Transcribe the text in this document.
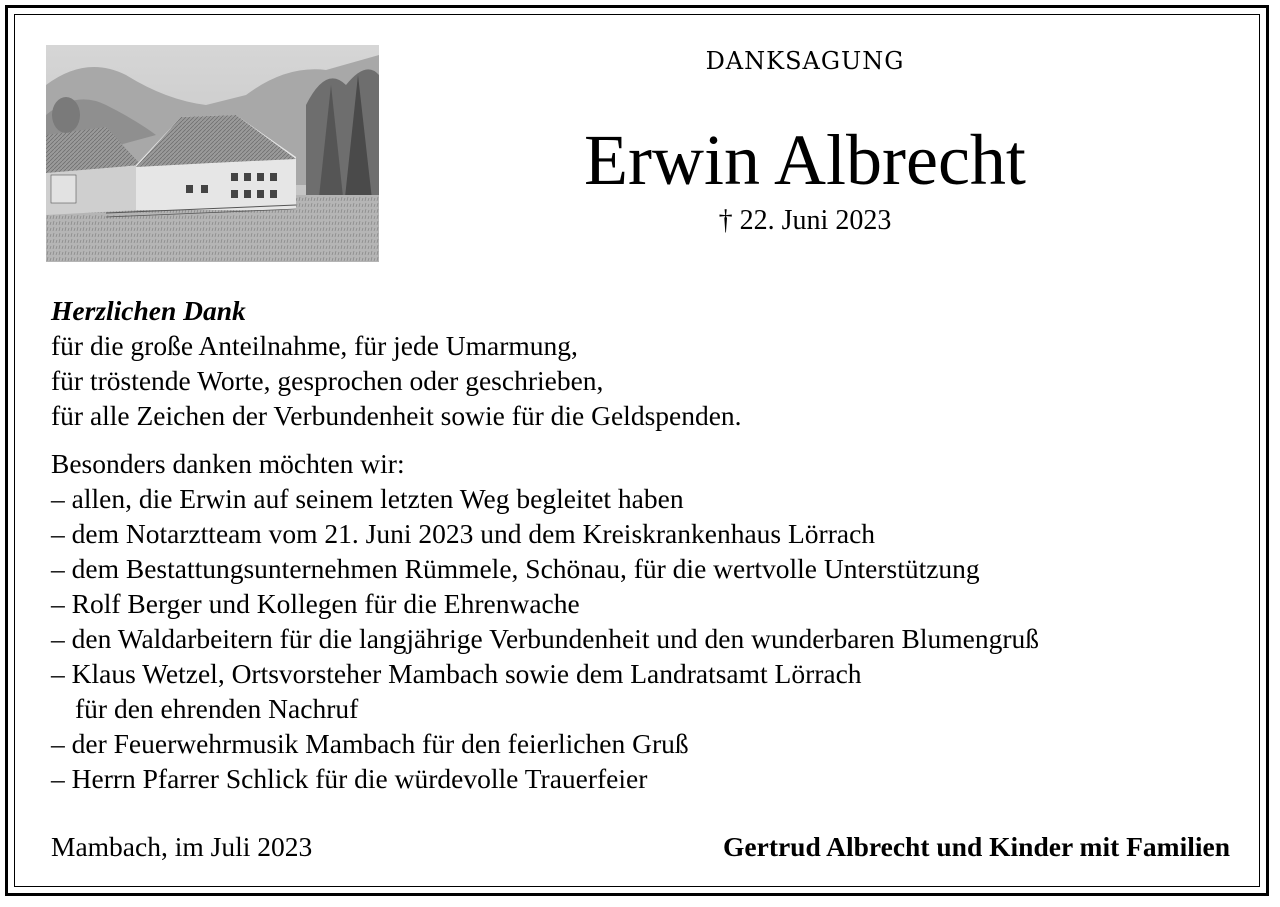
DANKSAGUNG
Erwin Albrecht
† 22. Juni 2023
Herzlichen Dank
für die große Anteilnahme, für jede Umarmung,
für tröstende Worte, gesprochen oder geschrieben,
für alle Zeichen der Verbundenheit sowie für die Geldspenden.
Besonders danken möchten wir:
– allen, die Erwin auf seinem letzten Weg begleitet haben
– dem Notarztteam vom 21. Juni 2023 und dem Kreiskrankenhaus Lörrach
– dem Bestattungsunternehmen Rümmele, Schönau, für die wertvolle Unterstützung
– Rolf Berger und Kollegen für die Ehrenwache
– den Waldarbeitern für die langjährige Verbundenheit und den wunderbaren Blumengruß
– Klaus Wetzel, Ortsvorsteher Mambach sowie dem Landratsamt Lörrach
für den ehrenden Nachruf
– der Feuerwehrmusik Mambach für den feierlichen Gruß
– Herrn Pfarrer Schlick für die würdevolle Trauerfeier
Mambach, im Juli 2023	Gertrud Albrecht und Kinder mit Familien
